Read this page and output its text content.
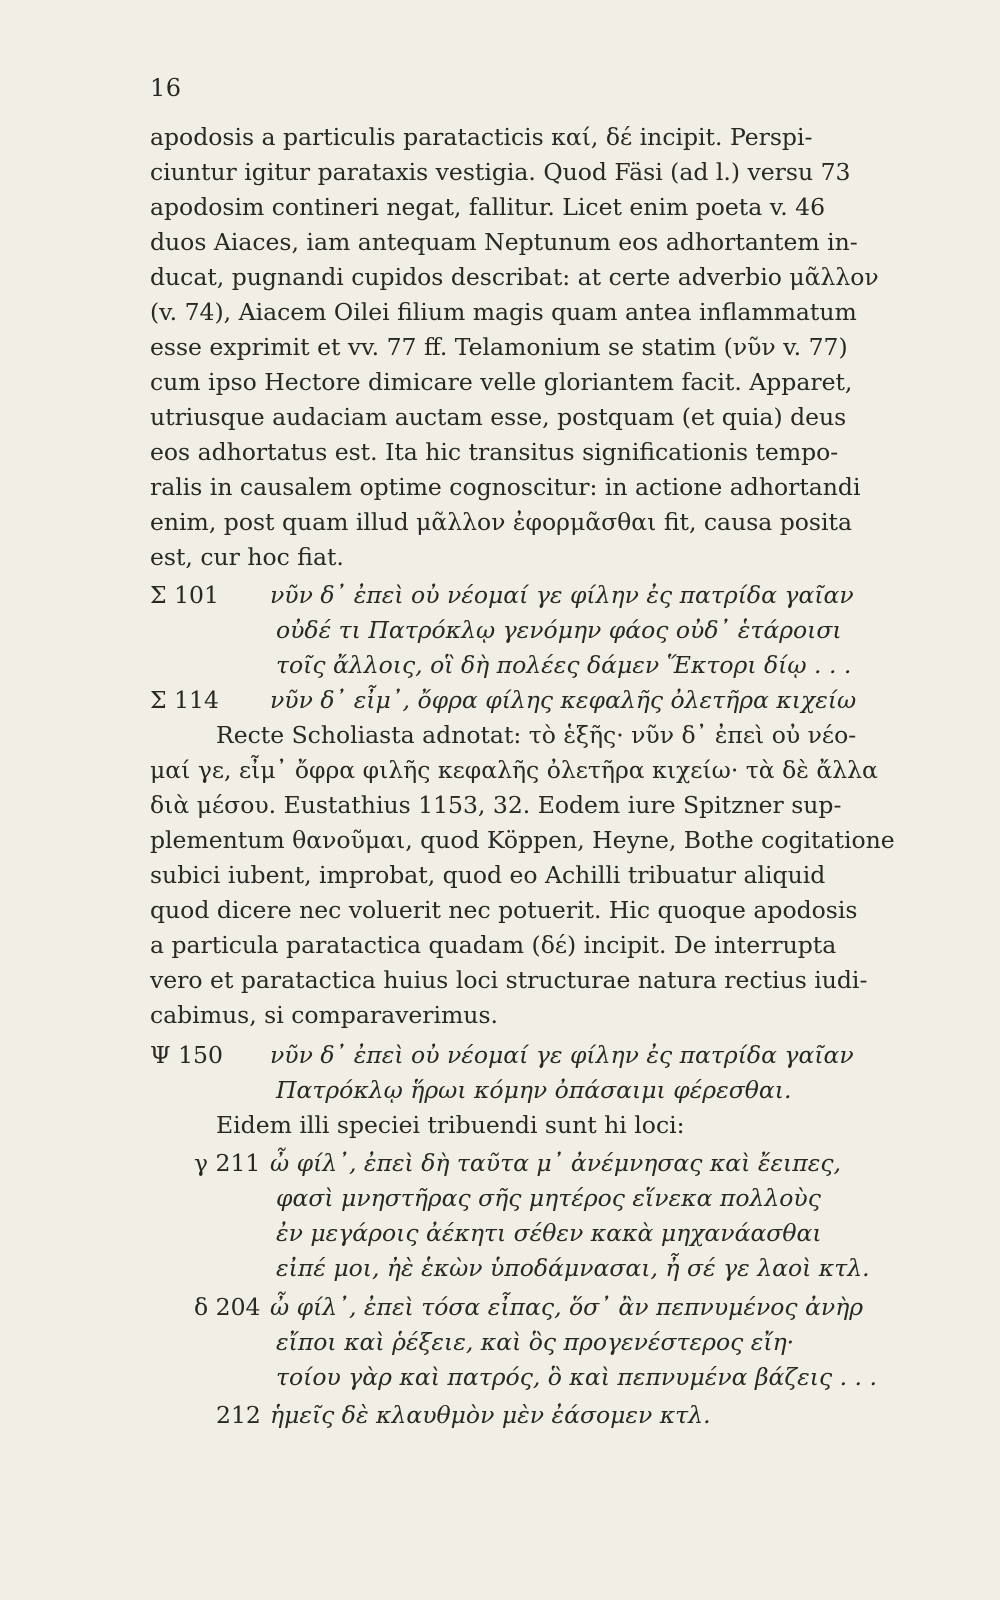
16
apodosis a particulis paratacticis καί, δέ incipit. Perspi-
ciuntur igitur parataxis vestigia. Quod Fäsi (ad l.) versu 73
apodosim contineri negat, fallitur. Licet enim poeta v. 46
duos Aiaces, iam antequam Neptunum eos adhortantem in-
ducat, pugnandi cupidos describat: at certe adverbio μᾶλλον
(v. 74), Aiacem Oilei filium magis quam antea inflammatum
esse exprimit et vv. 77 ff. Telamonium se statim (νῦν v. 77)
cum ipso Hectore dimicare velle gloriantem facit. Apparet,
utriusque audaciam auctam esse, postquam (et quia) deus
eos adhortatus est. Ita hic transitus significationis tempo-
ralis in causalem optime cognoscitur: in actione adhortandi
enim, post quam illud μᾶλλον ἐφορμᾶσθαι fit, causa posita
est, cur hoc fiat.
Σ 101 νῦν δ᾽ ἐπεὶ οὐ νέομαί γε φίλην ἐς πατρίδα γαῖαν
οὐδέ τι Πατρόκλῳ γενόμην φάος οὐδ᾽ ἑτάροισι
τοῖς ἄλλοις, οἳ δὴ πολέες δάμεν Ἕκτορι δίῳ . . .
Σ 114 νῦν δ᾽ εἶμ᾽, ὄφρα φίλης κεφαλῆς ὀλετῆρα κιχείω
Recte Scholiasta adnotat: τὸ ἑξῆς· νῦν δ᾽ ἐπεὶ οὐ νέο-
μαί γε, εἶμ᾽ ὄφρα φιλῆς κεφαλῆς ὀλετῆρα κιχείω· τὰ δὲ ἄλλα
διὰ μέσου. Eustathius 1153, 32. Eodem iure Spitzner sup-
plementum θανοῦμαι, quod Köppen, Heyne, Bothe cogitatione
subici iubent, improbat, quod eo Achilli tribuatur aliquid
quod dicere nec voluerit nec potuerit. Hic quoque apodosis
a particula paratactica quadam (δέ) incipit. De interrupta
vero et paratactica huius loci structurae natura rectius iudi-
cabimus, si comparaverimus.
Ψ 150 νῦν δ᾽ ἐπεὶ οὐ νέομαί γε φίλην ἐς πατρίδα γαῖαν
Πατρόκλῳ ἥρωι κόμην ὀπάσαιμι φέρεσθαι.
Eidem illi speciei tribuendi sunt hi loci:
γ 211 ὦ φίλ᾽, ἐπεὶ δὴ ταῦτα μ᾽ ἀνέμνησας καὶ ἔειπες,
φασὶ μνηστῆρας σῆς μητέρος εἵνεκα πολλοὺς
ἐν μεγάροις ἀέκητι σέθεν κακὰ μηχανάασθαι
εἰπέ μοι, ἠὲ ἑκὼν ὑποδάμνασαι, ἦ σέ γε λαοὶ κτλ.
δ 204 ὦ φίλ᾽, ἐπεὶ τόσα εἶπας, ὅσ᾽ ἂν πεπνυμένος ἀνὴρ
εἴποι καὶ ῥέξειε, καὶ ὃς προγενέστερος εἴη·
τοίου γὰρ καὶ πατρός, ὃ καὶ πεπνυμένα βάζεις . . .
212 ἡμεῖς δὲ κλαυθμὸν μὲν ἐάσομεν κτλ.
